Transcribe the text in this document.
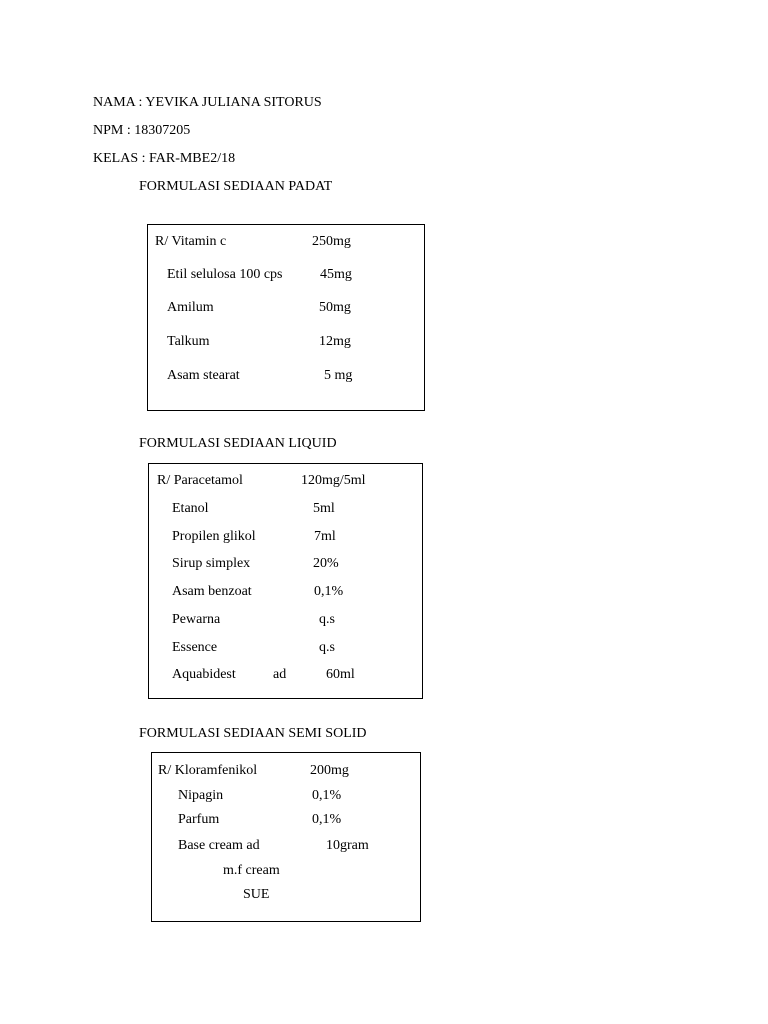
NAMA : YEVIKA JULIANA SITORUS
NPM : 18307205
KELAS : FAR-MBE2/18
FORMULASI SEDIAAN PADAT
R/ Vitamin c	250mg
Etil selulosa 100 cps	45mg
Amilum	50mg
Talkum	12mg
Asam stearat	5 mg
FORMULASI SEDIAAN LIQUID
R/ Paracetamol	120mg/5ml
Etanol	5ml
Propilen glikol	7ml
Sirup simplex	20%
Asam benzoat	0,1%
Pewarna	q.s
Essence	q.s
Aquabidest	ad	60ml
FORMULASI SEDIAAN SEMI SOLID
R/ Kloramfenikol	200mg
Nipagin	0,1%
Parfum	0,1%
Base cream ad	10gram
m.f cream
SUE
